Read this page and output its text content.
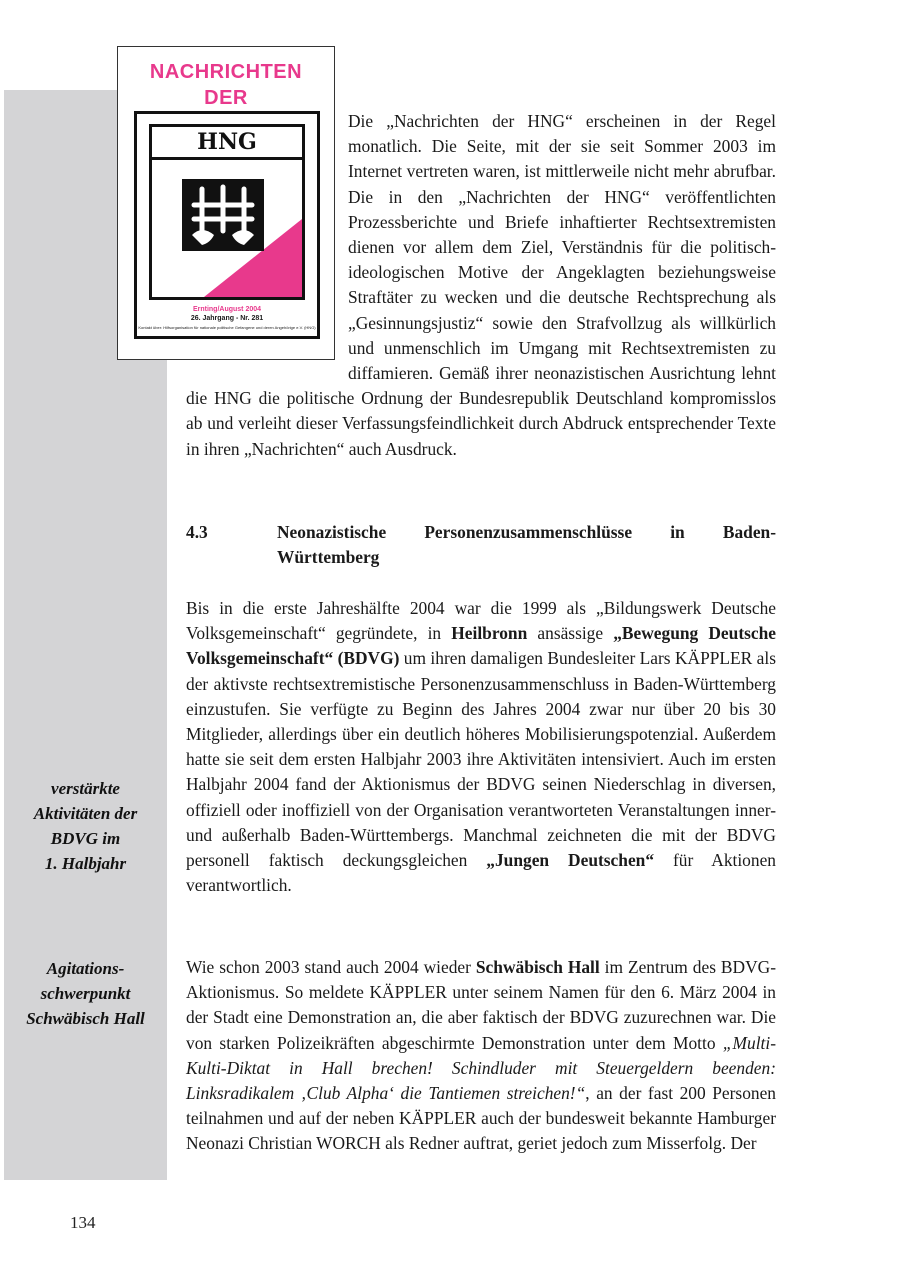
verstärkte
Aktivitäten der
BDVG im
1. Halbjahr
Agitations-
schwerpunkt
Schwäbisch Hall
NACHRICHTEN
DER
HNG
Ernting/August 2004
26. Jahrgang - Nr. 281
Kontakt über: Hilfsorganisation für nationale politische Gefangene und deren Angehörige e.V. (HNG)
Die „Nachrichten der HNG“ erscheinen in der Regel monatlich. Die Seite, mit der sie seit Sommer 2003 im Internet vertreten waren, ist mittlerweile nicht mehr abrufbar. Die in den „Nachrichten der HNG“ veröffentlichten Prozessberichte und Briefe inhaftierter Rechtsextremisten dienen vor allem dem Ziel, Verständnis für die politisch-ideologischen Motive der Angeklagten beziehungsweise Straftäter zu wecken und die deutsche Rechtsprechung als „Gesinnungsjustiz“ sowie den Strafvollzug als willkürlich und unmenschlich im Umgang mit Rechtsextremisten zu diffamieren. Gemäß ihrer neonazistischen Ausrichtung lehnt die HNG die politische Ordnung der Bundesrepublik Deutschland kompromisslos ab und verleiht dieser Verfassungsfeindlichkeit durch Abdruck entsprechender Texte in ihren „Nachrichten“ auch Ausdruck.
4.3	Neonazistische Personenzusammenschlüsse in Baden-Württemberg

Bis in die erste Jahreshälfte 2004 war die 1999 als „Bildungswerk Deutsche Volksgemeinschaft“ gegründete, in Heilbronn ansässige „Bewegung Deutsche Volksgemeinschaft“ (BDVG) um ihren damaligen Bundesleiter Lars KÄPPLER als der aktivste rechtsextremistische Personenzusammenschluss in Baden-Württemberg einzustufen. Sie verfügte zu Beginn des Jahres 2004 zwar nur über 20 bis 30 Mitglieder, allerdings über ein deutlich höheres Mobilisierungspotenzial. Außerdem hatte sie seit dem ersten Halbjahr 2003 ihre Aktivitäten intensiviert. Auch im ersten Halbjahr 2004 fand der Aktionismus der BDVG seinen Niederschlag in diversen, offiziell oder inoffiziell von der Organisation verantworteten Veranstaltungen inner- und außerhalb Baden-Württembergs. Manchmal zeichneten die mit der BDVG personell faktisch deckungsgleichen „Jungen Deutschen“ für Aktionen verantwortlich.

Wie schon 2003 stand auch 2004 wieder Schwäbisch Hall im Zentrum des BDVG-Aktionismus. So meldete KÄPPLER unter seinem Namen für den 6. März 2004 in der Stadt eine Demonstration an, die aber faktisch der BDVG zuzurechnen war. Die von starken Polizeikräften abgeschirmte Demonstration unter dem Motto „Multi-Kulti-Diktat in Hall brechen! Schindluder mit Steuergeldern beenden: Linksradikalem ‚Club Alpha‘ die Tantiemen streichen!“, an der fast 200 Personen teilnahmen und auf der neben KÄPPLER auch der bundesweit bekannte Hamburger Neonazi Christian WORCH als Redner auftrat, geriet jedoch zum Misserfolg. Der

134
